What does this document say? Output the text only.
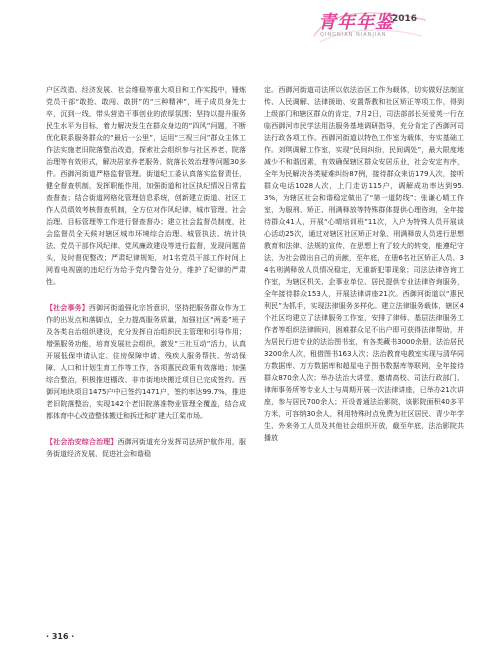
青年年鉴
2016
QINGNIAN NIANJIAN

户区改造、经济发展、社会维稳等重大项目和工作实践中，锤炼党员干部“敢抢、敢闯、敢拼”的“三种精神”，班子成员身先士卒，沉到一线，带头营造干事创业的浓厚氛围；坚持以提升服务民生水平为目标，着力解决发生在群众身边的“四风”问题，不断优化联系服务群众的“最后一公里”，运用“三视三问”群众主体工作法实施老旧院落整治改造，探索社会组织参与社区养老、院落治理等有效形式，解决居家养老服务、院落长效治理等问题30多件。西御河街道严格监督管理。街道纪工委认真落实监督责任，健全督查机制，发挥职能作用，加强街道和社区执纪情况日常监查督查；结合街道网格化管理信息系统，创新建立街道、社区工作人员绩效考核督查机制，全方位对作风纪律、城市管理、社会治理、目标管理等工作进行督查督办；建立社会监督员制度，社会监督员全天候对辖区城市环境综合治理、城管执法、统计执法、党员干部作风纪律、党风廉政建设等进行监督，发现问题苗头，及时督促整改；严肃纪律规矩，对1名党员干部工作时间上网看电视剧的违纪行为给予党内警告处分，维护了纪律的严肃性。

【社会事务】西御河街道强化宗旨意识，坚持把服务群众作为工作的出发点和落脚点，全力提高服务质量，加强社区“两委”班子及各类自治组织建设，充分发挥自治组织民主管理和引导作用；增强服务功能，培育发展社会组织，激发“三社互动”活力，认真开展低保申请认定、住房保障申请、残疾人服务帮扶、劳动保障、人口和计划生育工作等工作，各项惠民政策有效落地；加强综合整治，积极推进棚改、非市街地块搬迁项目已完成签约。西御河地块项目1475户中已签约1471户，签约率达99.7%，推进老旧院落整治，实现142个老旧院落准物业管理全覆盖，结合成都体育中心改造整体搬迁和拆迁和扩建大江桨市场。

【社会治安综合治理】西御河街道充分发挥司法所护航作用，服务街道经济发展、促进社会和谐稳

定。西御河街道司法所以依法治区工作为载体，切实做好法制宣传、人民调解、法律援助、安置帮教和社区矫正等项工作，得到上级部门和辖区群众的肯定，7月2日，司法部部长吴爱英一行在临西御河市民学法用法服务基地调研指导，充分肯定了西御河司法行政各项工作。西御河街道以特色工作室为载体，夯实基础工作。刘琪调解工作室，实现“民间纠纷，民间调处”，最大限度地减少不和谐因素，有效确保辖区群众安居乐业，社会安定有序，全年为民解决各类疑难纠纷87例，接待群众来访179人次，接听群众电话1028人次，上门走访115户，调解成功率达到95.3%，为辖区社会和谐稳定做出了“第一道防线”；张谦心晴工作室，为服刑、矫正、刑满释放等特殊群体提供心理咨询，全年接待群众41人，开展“心晴培训班”11次，入户为特殊人员开展谈心活动25次，通过对辖区社区矫正对象、刑满释放人员进行思想教育和法律、法规的宣传，在思想上有了较大的转变，能遵纪守法，为社会做出自己的贡献，至年底，在册6名社区矫正人员、34名刑满释放人员情况稳定，无重新犯罪现象；司法法律咨询工作室，为辖区机关、企事业单位、居民提供专业法律咨询服务，全年接待群众153人，开展法律讲座21次。西御河街道以“惠民利民”为抓手，实现法律服务多样化。建立法律服务载体，辖区4个社区均建立了法律服务工作室，安排了律师、基层法律服务工作者等组织法律顾问，困难群众足不出户即可获得法律帮助，并为居民行进专业的法治图书室，有各类藏书3000余册，法治居民3200余人次，租借图书163人次；法治教育电教室实现与清华同方数据库、万方数据库和超星电子图书数据库等联网，全年接待群众870余人次；举办法治大讲堂，邀请高校、司法行政部门、律师事务所等专业人士与周期开展一次法律讲座，已举办21次讲座，参与居民700余人；开设普通法治影院，该影院面积40多平方米，可容纳30余人，利用特殊时点免费为社区居民、青少年学生、外来务工人员及其他社会组织开放，截至年底，法治影院共播放

· 316 ·
